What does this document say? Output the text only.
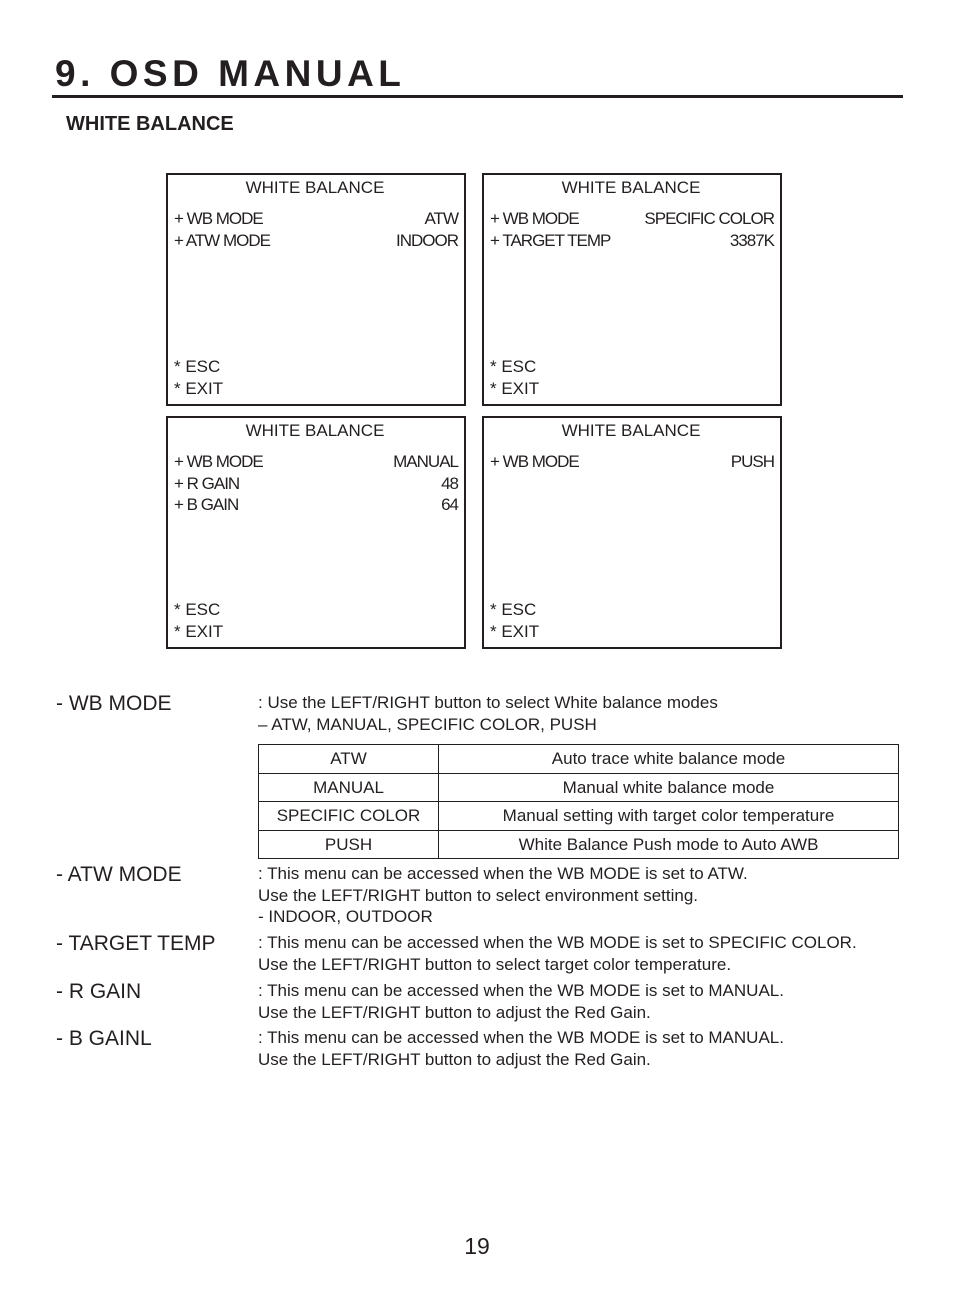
9. OSD MANUAL
WHITE BALANCE
WHITE BALANCE
+ WB MODE	ATW
+ ATW MODE	INDOOR
* ESC
* EXIT
WHITE BALANCE
+ WB MODE	SPECIFIC COLOR
+ TARGET TEMP	3387K
* ESC
* EXIT
WHITE BALANCE
+ WB MODE	MANUAL
+ R GAIN	48
+ B GAIN	64
* ESC
* EXIT
WHITE BALANCE
+ WB MODE	PUSH
* ESC
* EXIT
- WB MODE	: Use the LEFT/RIGHT button to select White balance modes
– ATW, MANUAL, SPECIFIC COLOR, PUSH
ATW	Auto trace white balance mode
MANUAL	Manual white balance mode
SPECIFIC COLOR	Manual setting with target color temperature
PUSH	White Balance Push mode to Auto AWB
- ATW MODE	: This menu can be accessed when the WB MODE is set to ATW.
Use the LEFT/RIGHT button to select environment setting.
- INDOOR, OUTDOOR
- TARGET TEMP	: This menu can be accessed when the WB MODE is set to SPECIFIC COLOR.
Use the LEFT/RIGHT button to select target color temperature.
- R GAIN	: This menu can be accessed when the WB MODE is set to MANUAL.
Use the LEFT/RIGHT button to adjust the Red Gain.
- B GAINL	: This menu can be accessed when the WB MODE is set to MANUAL.
Use the LEFT/RIGHT button to adjust the Red Gain.
19
